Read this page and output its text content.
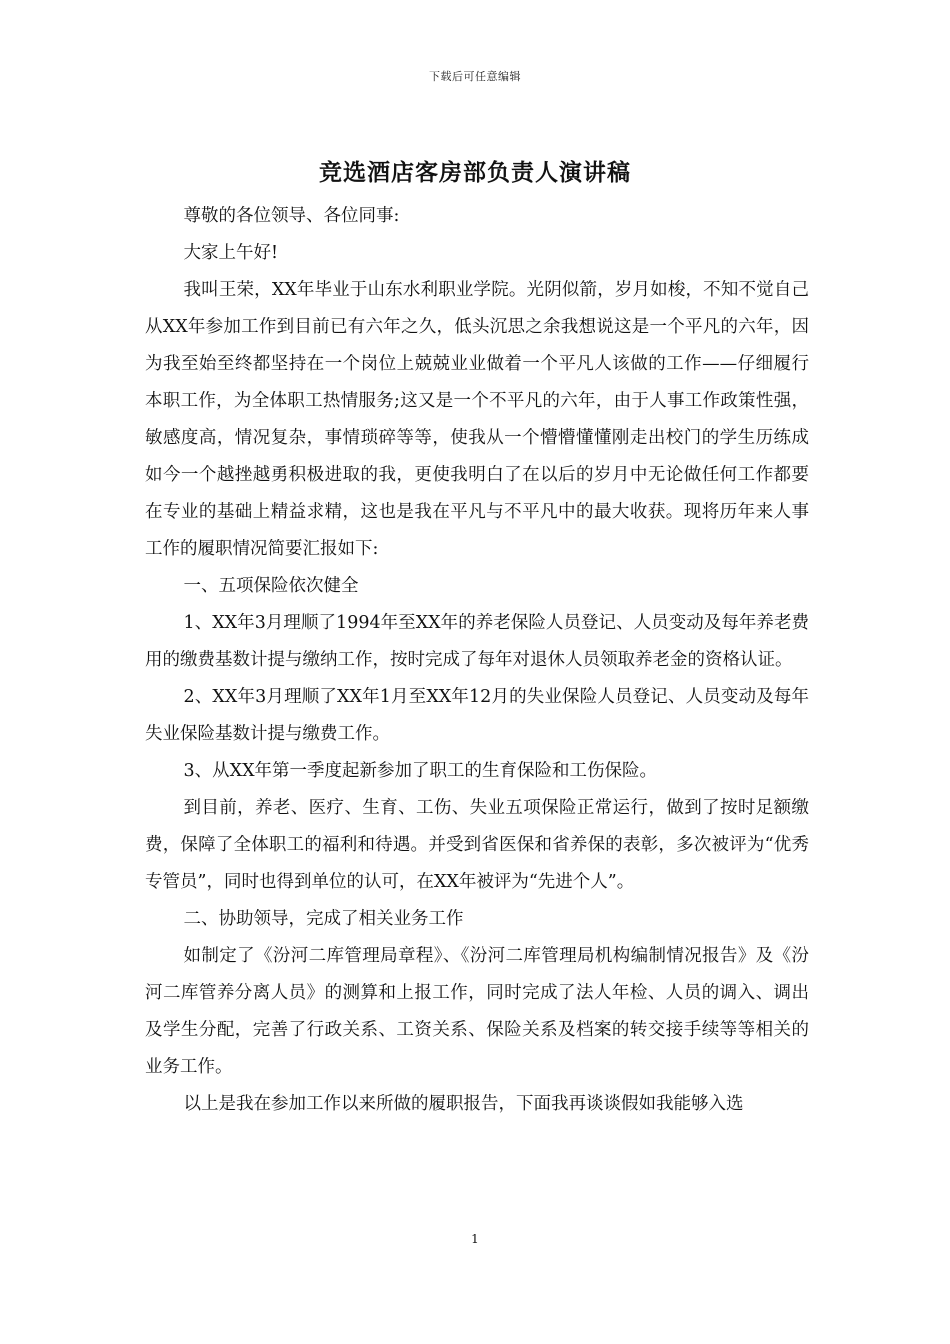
下载后可任意编辑
竞选酒店客房部负责人演讲稿

尊敬的各位领导、各位同事:

大家上午好!

我叫王荣，XX年毕业于山东水利职业学院。光阴似箭，岁月如梭，不知不觉自己从XX年参加工作到目前已有六年之久，低头沉思之余我想说这是一个平凡的六年，因为我至始至终都坚持在一个岗位上兢兢业业做着一个平凡人该做的工作——仔细履行本职工作，为全体职工热情服务;这又是一个不平凡的六年，由于人事工作政策性强，敏感度高，情况复杂，事情琐碎等等，使我从一个懵懵懂懂刚走出校门的学生历练成如今一个越挫越勇积极进取的我，更使我明白了在以后的岁月中无论做任何工作都要在专业的基础上精益求精，这也是我在平凡与不平凡中的最大收获。现将历年来人事工作的履职情况简要汇报如下:

一、五项保险依次健全

1、XX年3月理顺了1994年至XX年的养老保险人员登记、人员变动及每年养老费用的缴费基数计提与缴纳工作，按时完成了每年对退休人员领取养老金的资格认证。

2、XX年3月理顺了XX年1月至XX年12月的失业保险人员登记、人员变动及每年失业保险基数计提与缴费工作。

3、从XX年第一季度起新参加了职工的生育保险和工伤保险。

到目前，养老、医疗、生育、工伤、失业五项保险正常运行，做到了按时足额缴费，保障了全体职工的福利和待遇。并受到省医保和省养保的表彰，多次被评为“优秀专管员”，同时也得到单位的认可，在XX年被评为“先进个人”。

二、协助领导，完成了相关业务工作

如制定了《汾河二库管理局章程》、《汾河二库管理局机构编制情况报告》及《汾河二库管养分离人员》的测算和上报工作，同时完成了法人年检、人员的调入、调出及学生分配，完善了行政关系、工资关系、保险关系及档案的转交接手续等等相关的业务工作。

以上是我在参加工作以来所做的履职报告，下面我再谈谈假如我能够入选

1
